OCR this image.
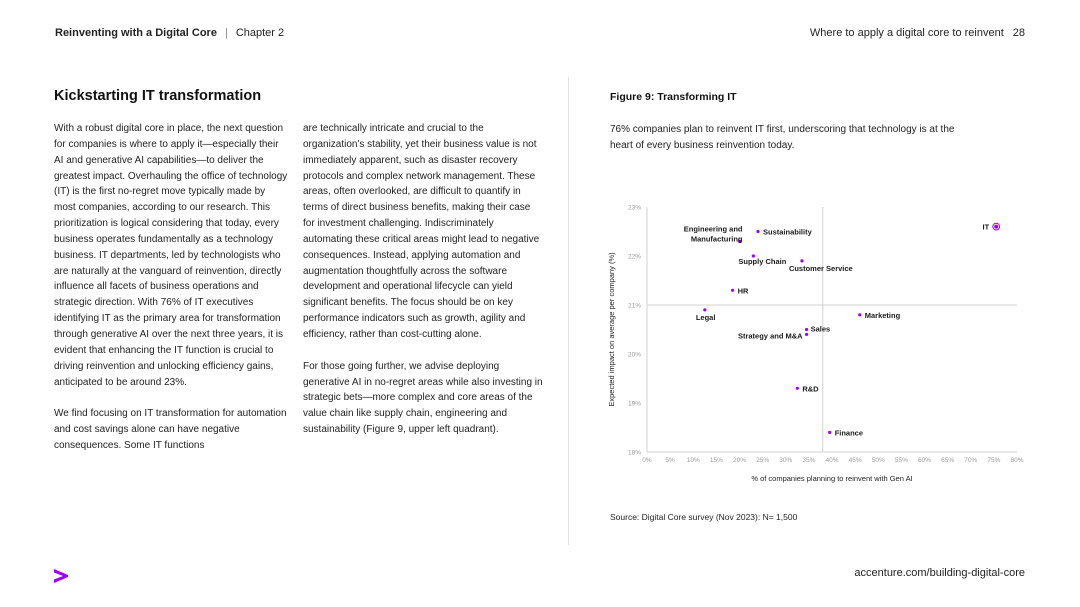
Reinventing with a Digital Core | Chapter 2	Where to apply a digital core to reinvent 28
Kickstarting IT transformation

With a robust digital core in place, the next question for companies is where to apply it—especially their AI and generative AI capabilities—to deliver the greatest impact. Overhauling the office of technology (IT) is the first no-regret move typically made by most companies, according to our research. This prioritization is logical considering that today, every business operates fundamentally as a technology business. IT departments, led by technologists who are naturally at the vanguard of reinvention, directly influence all facets of business operations and strategic direction. With 76% of IT executives identifying IT as the primary area for transformation through generative AI over the next three years, it is evident that enhancing the IT function is crucial to driving reinvention and unlocking efficiency gains, anticipated to be around 23%.

We find focusing on IT transformation for automation and cost savings alone can have negative consequences. Some IT functions

are technically intricate and crucial to the organization's stability, yet their business value is not immediately apparent, such as disaster recovery protocols and complex network management. These areas, often overlooked, are difficult to quantify in terms of direct business benefits, making their case for investment challenging. Indiscriminately automating these critical areas might lead to negative consequences. Instead, applying automation and augmentation thoughtfully across the software development and operational lifecycle can yield significant benefits. The focus should be on key performance indicators such as growth, agility and efficiency, rather than cost-cutting alone.

For those going further, we advise deploying generative AI in no-regret areas while also investing in strategic bets—more complex and core areas of the value chain like supply chain, engineering and sustainability (Figure 9, upper left quadrant).

Figure 9: Transforming IT
76% companies plan to reinvent IT first, underscoring that technology is at the heart of every business reinvention today.
18%
19%
20%
21%
22%
23%
0% 5% 10% 15% 20% 25% 30% 35% 40% 45% 50% 55% 60% 65% 70% 75% 80%
% of companies planning to reinvent with Gen AI
Expected impact on average per company (%)
IT
Engineering and
Manufacturing
Sustainability
Supply Chain
Customer Service
HR
Legal	Marketing
Sales
Strategy and M&A
R&D
Finance
Source: Digital Core survey (Nov 2023): N= 1,500
accenture.com/building-digital-core
